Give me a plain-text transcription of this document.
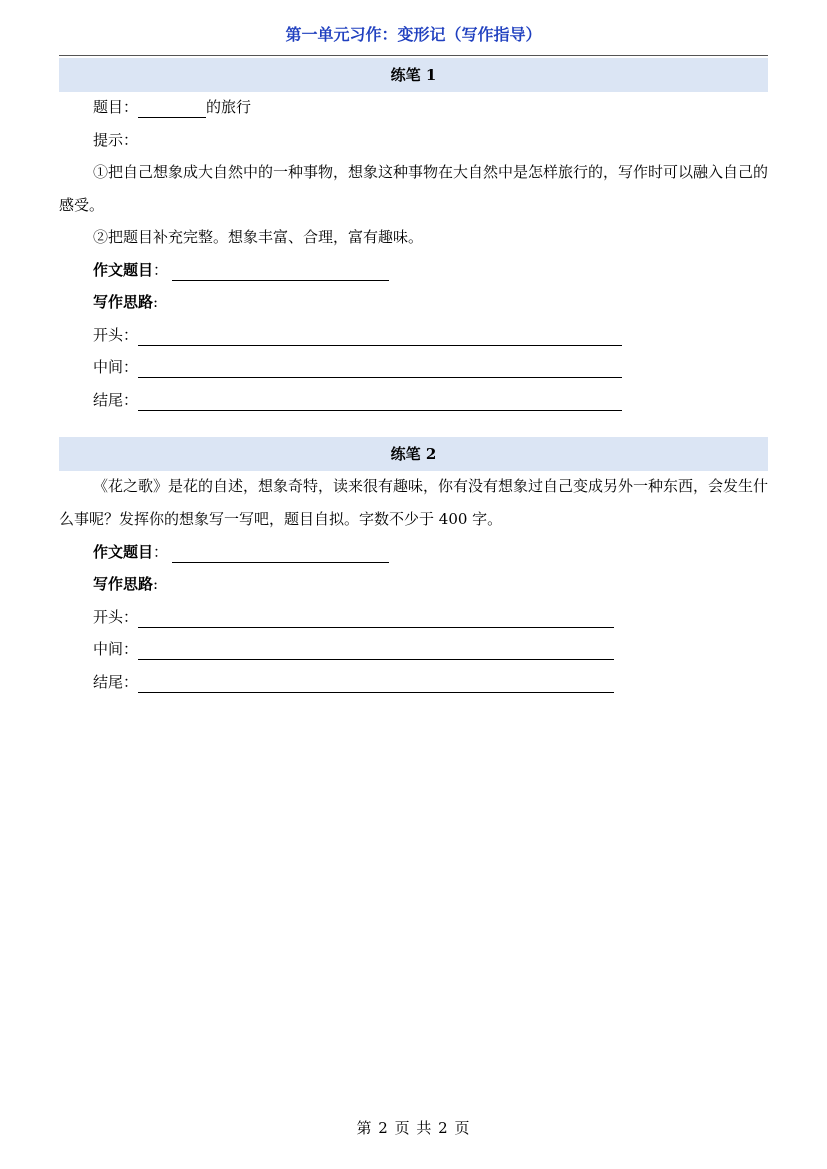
第一单元习作：变形记（写作指导）
练笔 1
题目：	的旅行
提示：
①把自己想象成大自然中的一种事物，想象这种事物在大自然中是怎样旅行的，写作时可以融入自己的感受。
②把题目补充完整。想象丰富、合理，富有趣味。
作文题目：
写作思路:
开头：
中间：
结尾：
练笔 2
《花之歌》是花的自述，想象奇特，读来很有趣味，你有没有想象过自己变成另外一种东西，会发生什么事呢？发挥你的想象写一写吧，题目自拟。字数不少于 400 字。
作文题目：
写作思路:
开头：
中间：
结尾：
第 2 页 共 2 页
